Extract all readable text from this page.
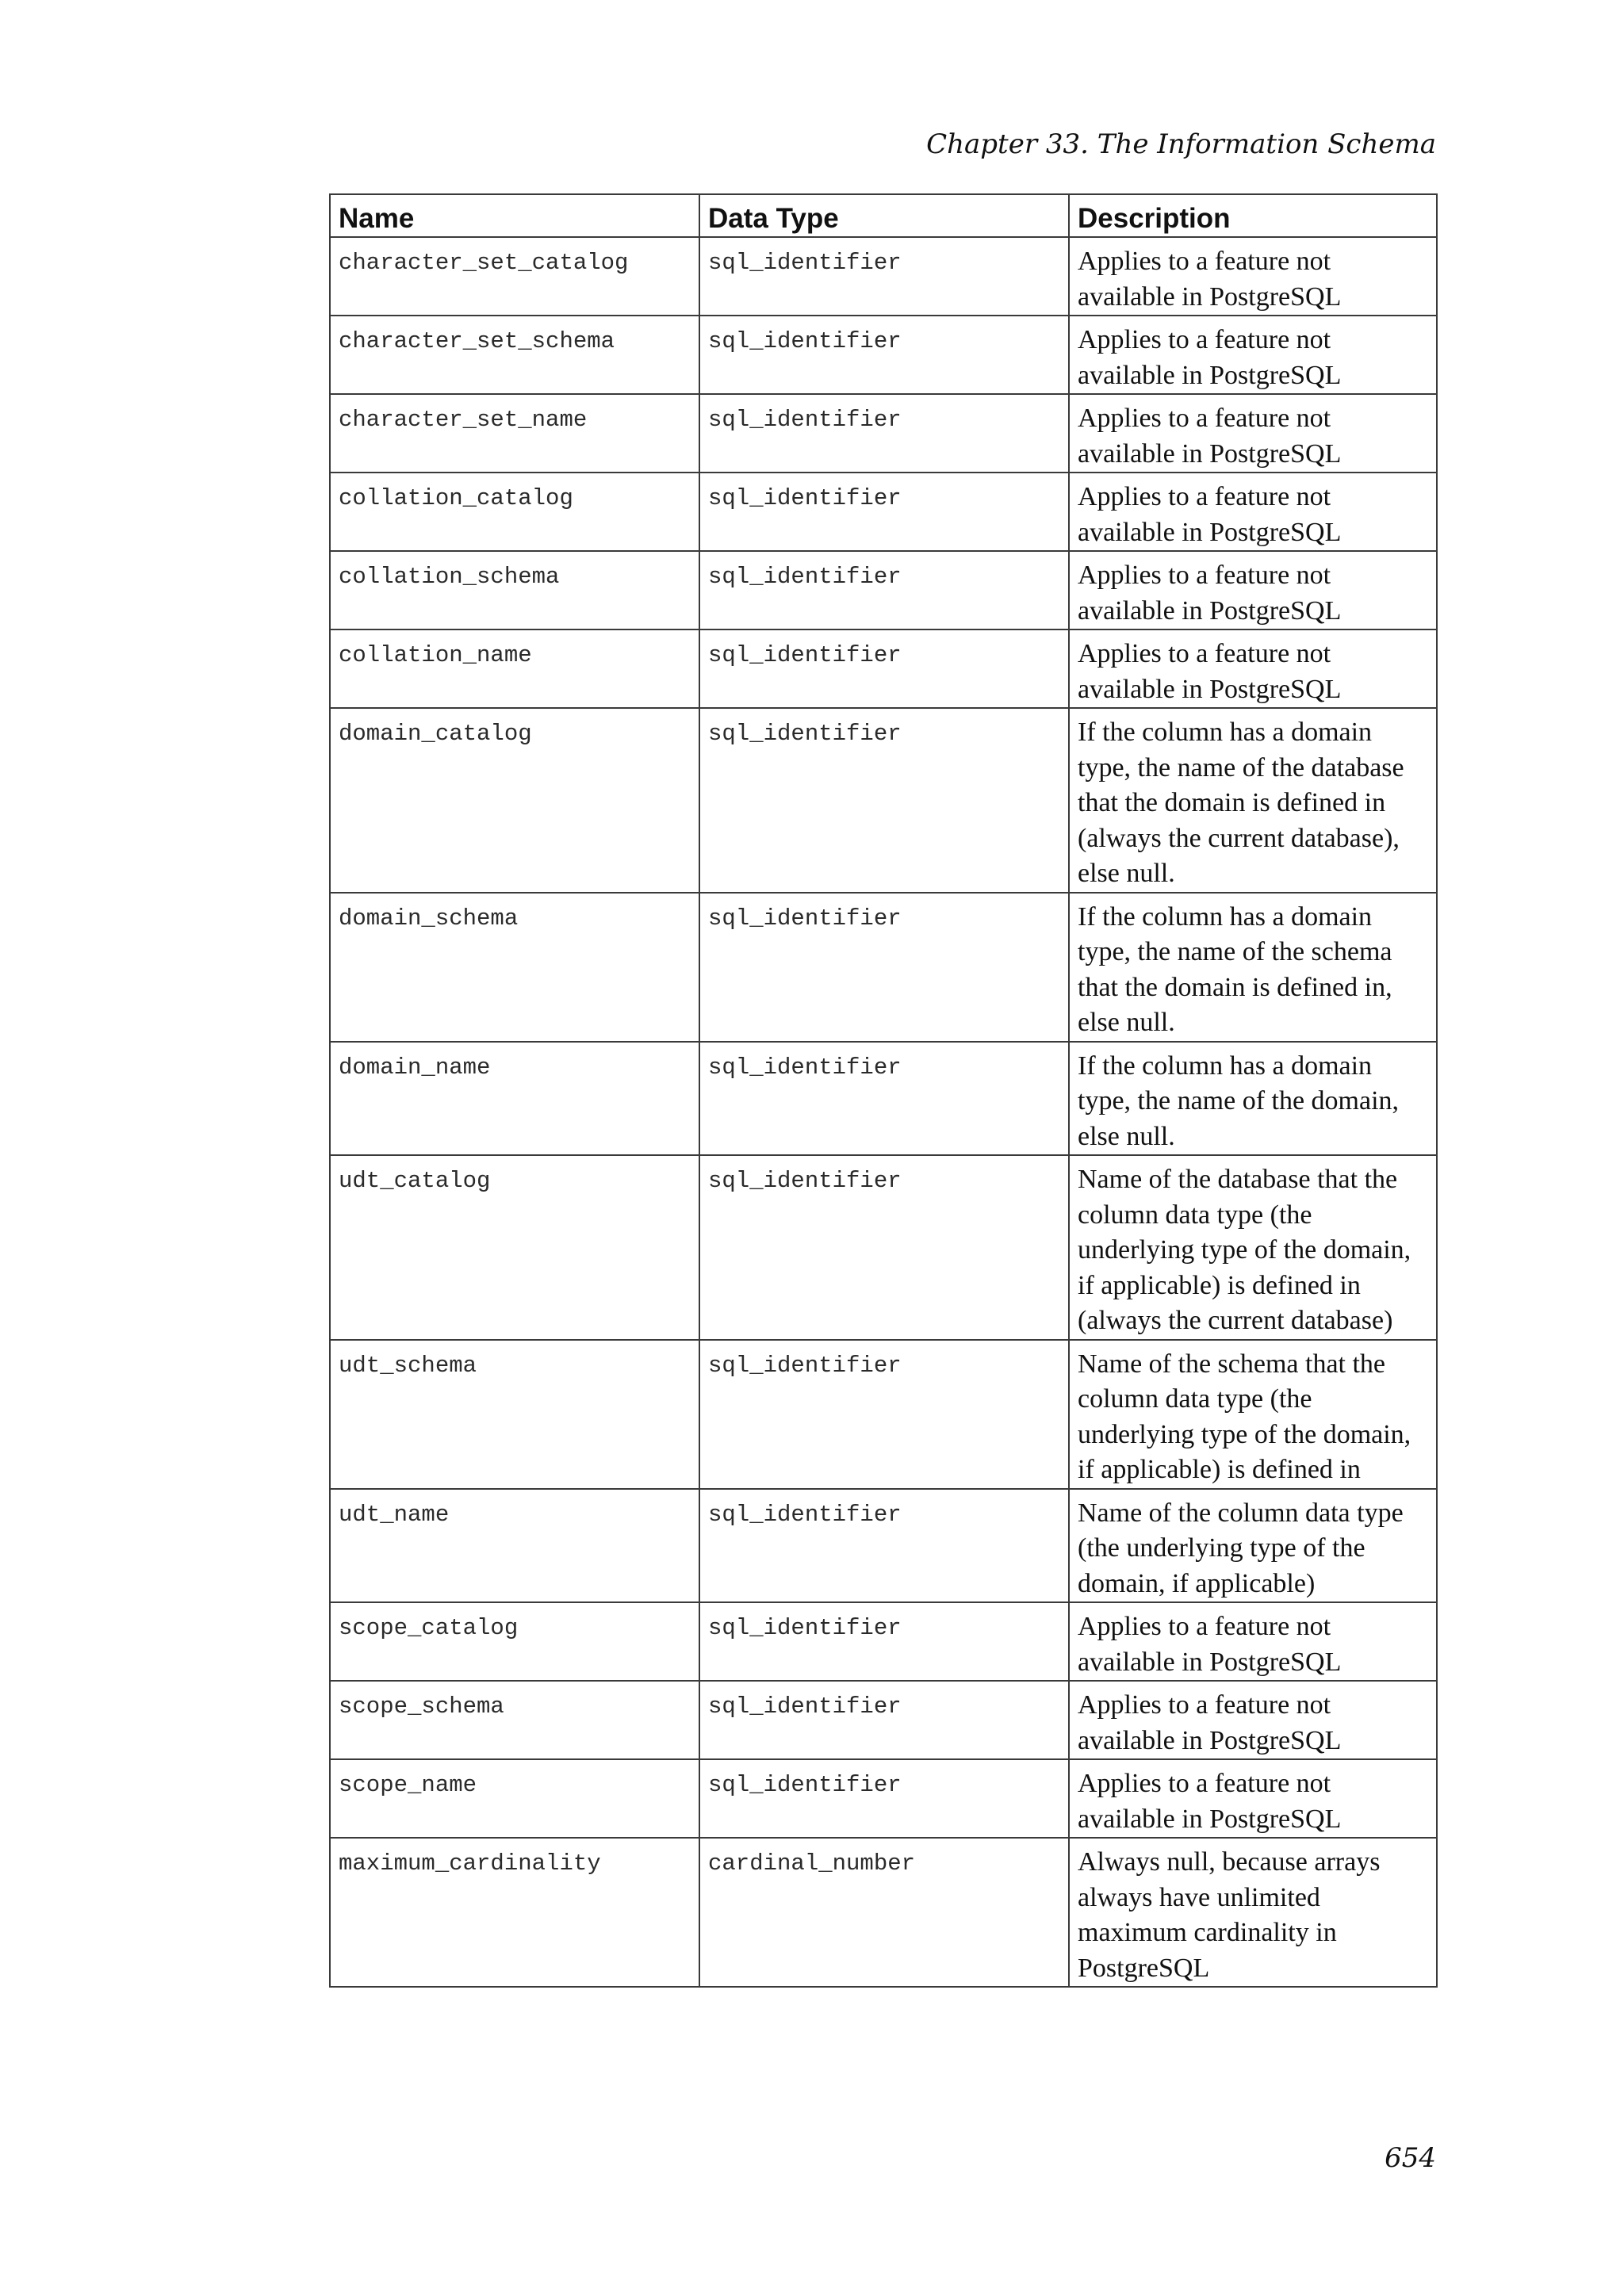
Chapter 33. The Information Schema
Name	Data Type	Description
character_set_catalog	sql_identifier	Applies to a feature not available in PostgreSQL
character_set_schema	sql_identifier	Applies to a feature not available in PostgreSQL
character_set_name	sql_identifier	Applies to a feature not available in PostgreSQL
collation_catalog	sql_identifier	Applies to a feature not available in PostgreSQL
collation_schema	sql_identifier	Applies to a feature not available in PostgreSQL
collation_name	sql_identifier	Applies to a feature not available in PostgreSQL
domain_catalog	sql_identifier	If the column has a domain type, the name of the database that the domain is defined in (always the current database), else null.
domain_schema	sql_identifier	If the column has a domain type, the name of the schema that the domain is defined in, else null.
domain_name	sql_identifier	If the column has a domain type, the name of the domain, else null.
udt_catalog	sql_identifier	Name of the database that the column data type (the underlying type of the domain, if applicable) is defined in (always the current database)
udt_schema	sql_identifier	Name of the schema that the column data type (the underlying type of the domain, if applicable) is defined in
udt_name	sql_identifier	Name of the column data type (the underlying type of the domain, if applicable)
scope_catalog	sql_identifier	Applies to a feature not available in PostgreSQL
scope_schema	sql_identifier	Applies to a feature not available in PostgreSQL
scope_name	sql_identifier	Applies to a feature not available in PostgreSQL
maximum_cardinality	cardinal_number	Always null, because arrays always have unlimited maximum cardinality in PostgreSQL
654
